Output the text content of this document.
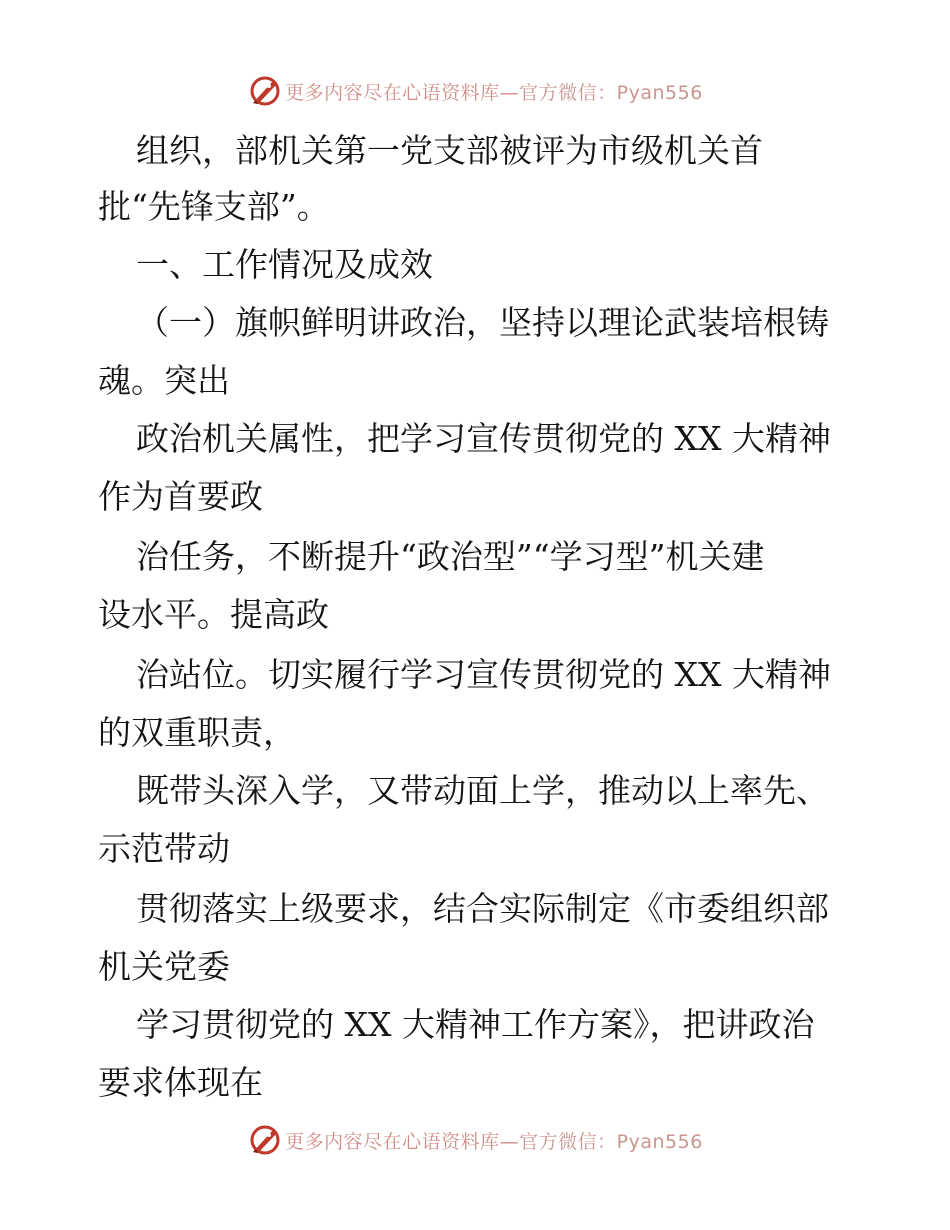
更多内容尽在心语资料库—官方微信：Pyan556
组织，部机关第一党支部被评为市级机关首
批“先锋支部”。
一、工作情况及成效
（一）旗帜鲜明讲政治，坚持以理论武装培根铸
魂。突出
政治机关属性，把学习宣传贯彻党的 XX 大精神
作为首要政
治任务，不断提升“政治型”“学习型”机关建
设水平。提高政
治站位。切实履行学习宣传贯彻党的 XX 大精神
的双重职责，
既带头深入学，又带动面上学，推动以上率先、
示范带动
贯彻落实上级要求，结合实际制定《市委组织部
机关党委
学习贯彻党的 XX 大精神工作方案》，把讲政治
要求体现在
更多内容尽在心语资料库—官方微信：Pyan556
